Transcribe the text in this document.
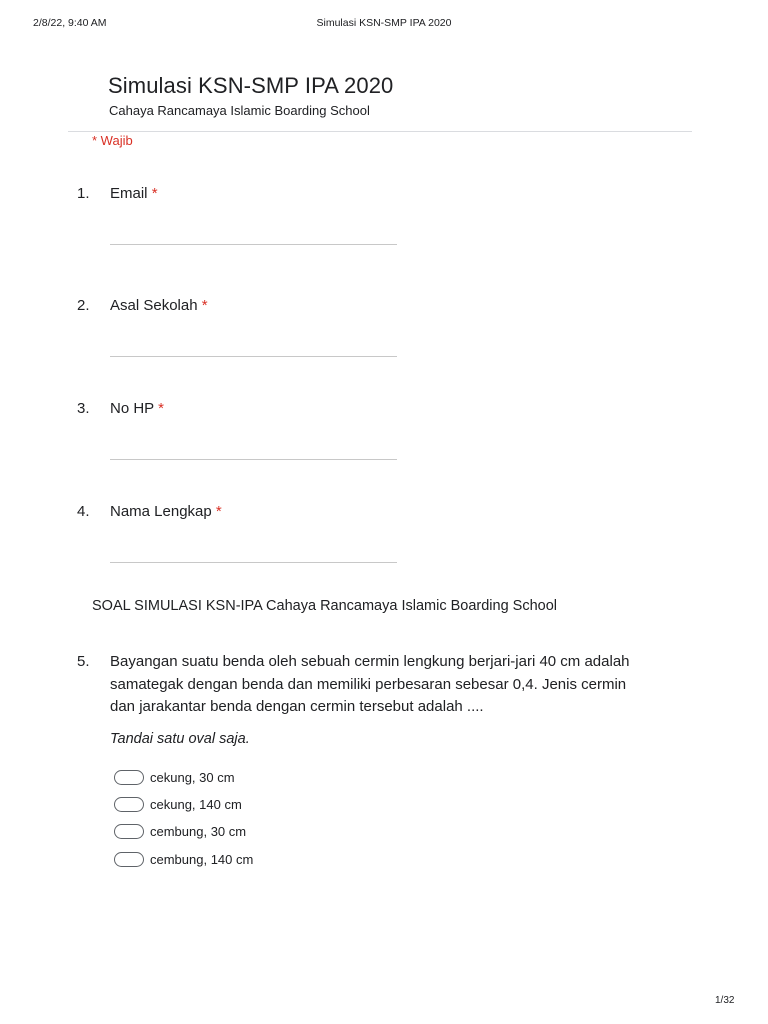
2/8/22, 9:40 AM	Simulasi KSN-SMP IPA 2020
Simulasi KSN-SMP IPA 2020
Cahaya Rancamaya Islamic Boarding School
* Wajib
1. Email *
2. Asal Sekolah *
3. No HP *
4. Nama Lengkap *
SOAL SIMULASI KSN-IPA Cahaya Rancamaya Islamic Boarding School
5. Bayangan suatu benda oleh sebuah cermin lengkung berjari-jari 40 cm adalah
samategak dengan benda dan memiliki perbesaran sebesar 0,4. Jenis cermin
dan jarakantar benda dengan cermin tersebut adalah ....
Tandai satu oval saja.
cekung, 30 cm
cekung, 140 cm
cembung, 30 cm
cembung, 140 cm
1/32
